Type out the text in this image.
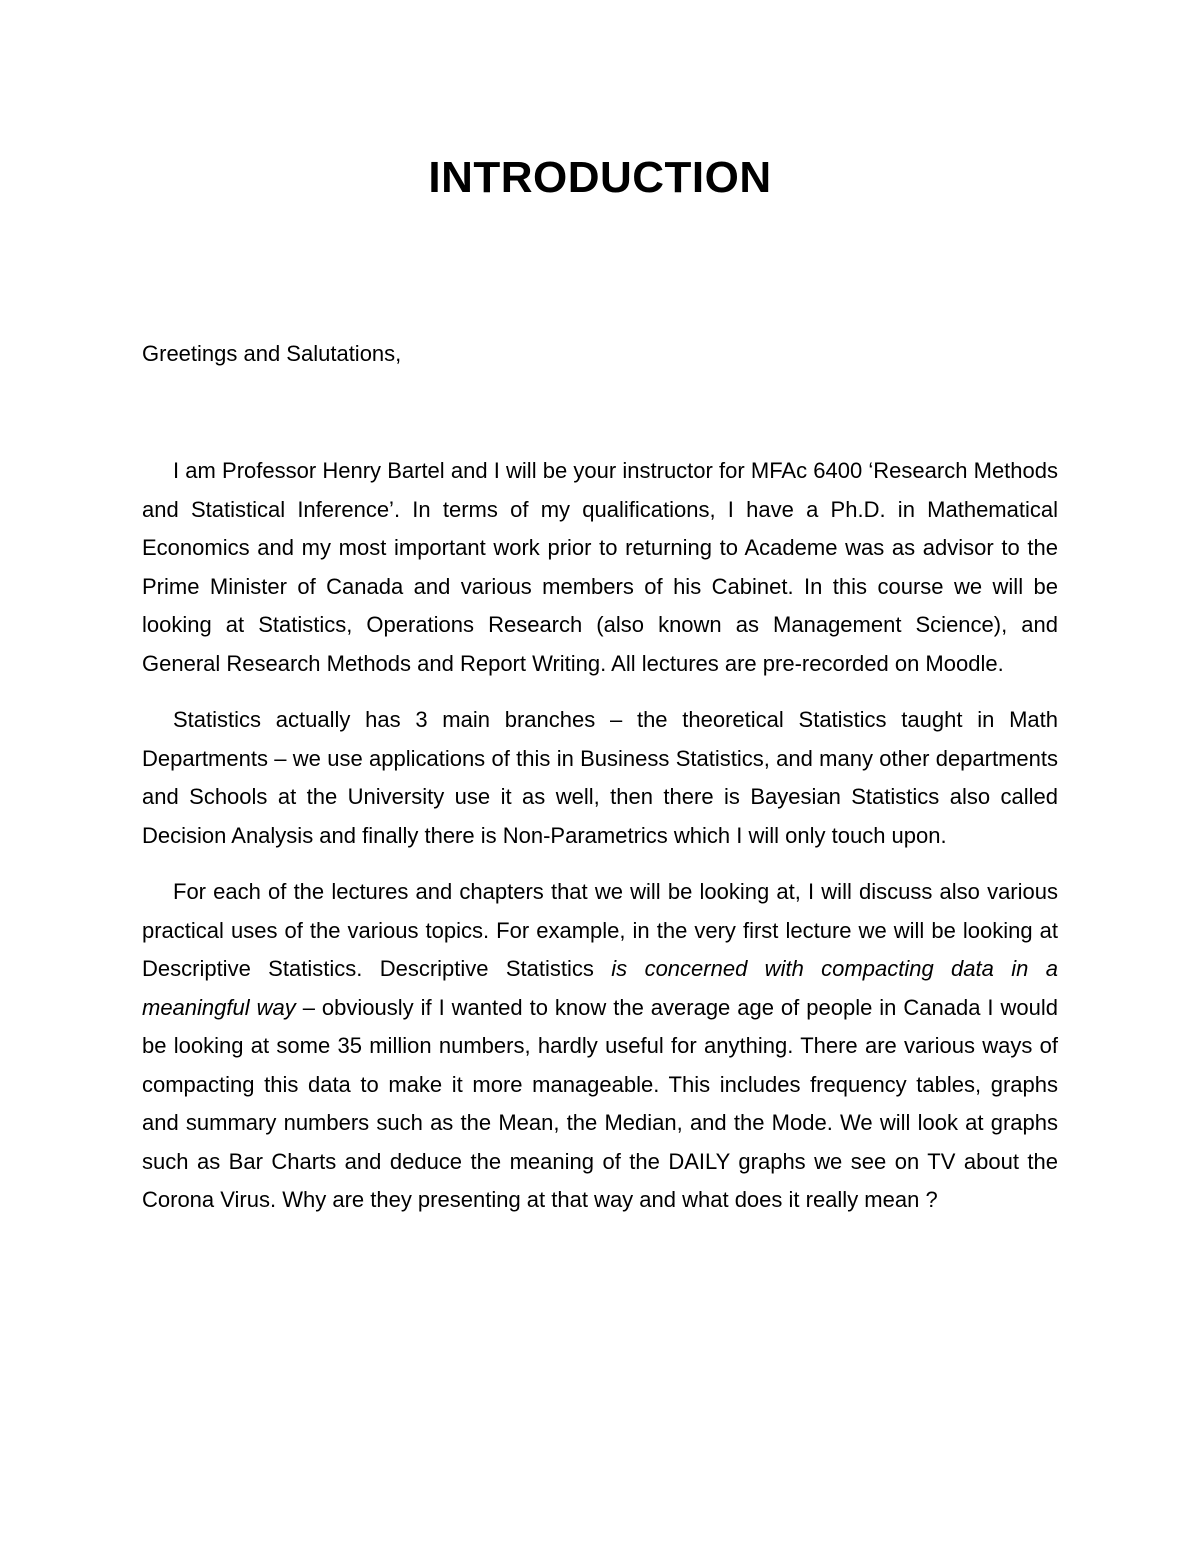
INTRODUCTION
Greetings and Salutations,

I am Professor Henry Bartel and I will be your instructor for MFAc 6400 ‘Research Methods and Statistical Inference’. In terms of my qualifications, I have a Ph.D. in Mathematical Economics and my most important work prior to returning to Academe was as advisor to the Prime Minister of Canada and various members of his Cabinet. In this course we will be looking at Statistics, Operations Research (also known as Management Science), and General Research Methods and Report Writing. All lectures are pre-recorded on Moodle.

Statistics actually has 3 main branches – the theoretical Statistics taught in Math Departments – we use applications of this in Business Statistics, and many other departments and Schools at the University use it as well, then there is Bayesian Statistics also called Decision Analysis and finally there is Non-Parametrics which I will only touch upon.

For each of the lectures and chapters that we will be looking at, I will discuss also various practical uses of the various topics. For example, in the very first lecture we will be looking at Descriptive Statistics. Descriptive Statistics is concerned with compacting data in a meaningful way – obviously if I wanted to know the average age of people in Canada I would be looking at some 35 million numbers, hardly useful for anything. There are various ways of compacting this data to make it more manageable. This includes frequency tables, graphs and summary numbers such as the Mean, the Median, and the Mode. We will look at graphs such as Bar Charts and deduce the meaning of the DAILY graphs we see on TV about the Corona Virus. Why are they presenting at that way and what does it really mean ?
